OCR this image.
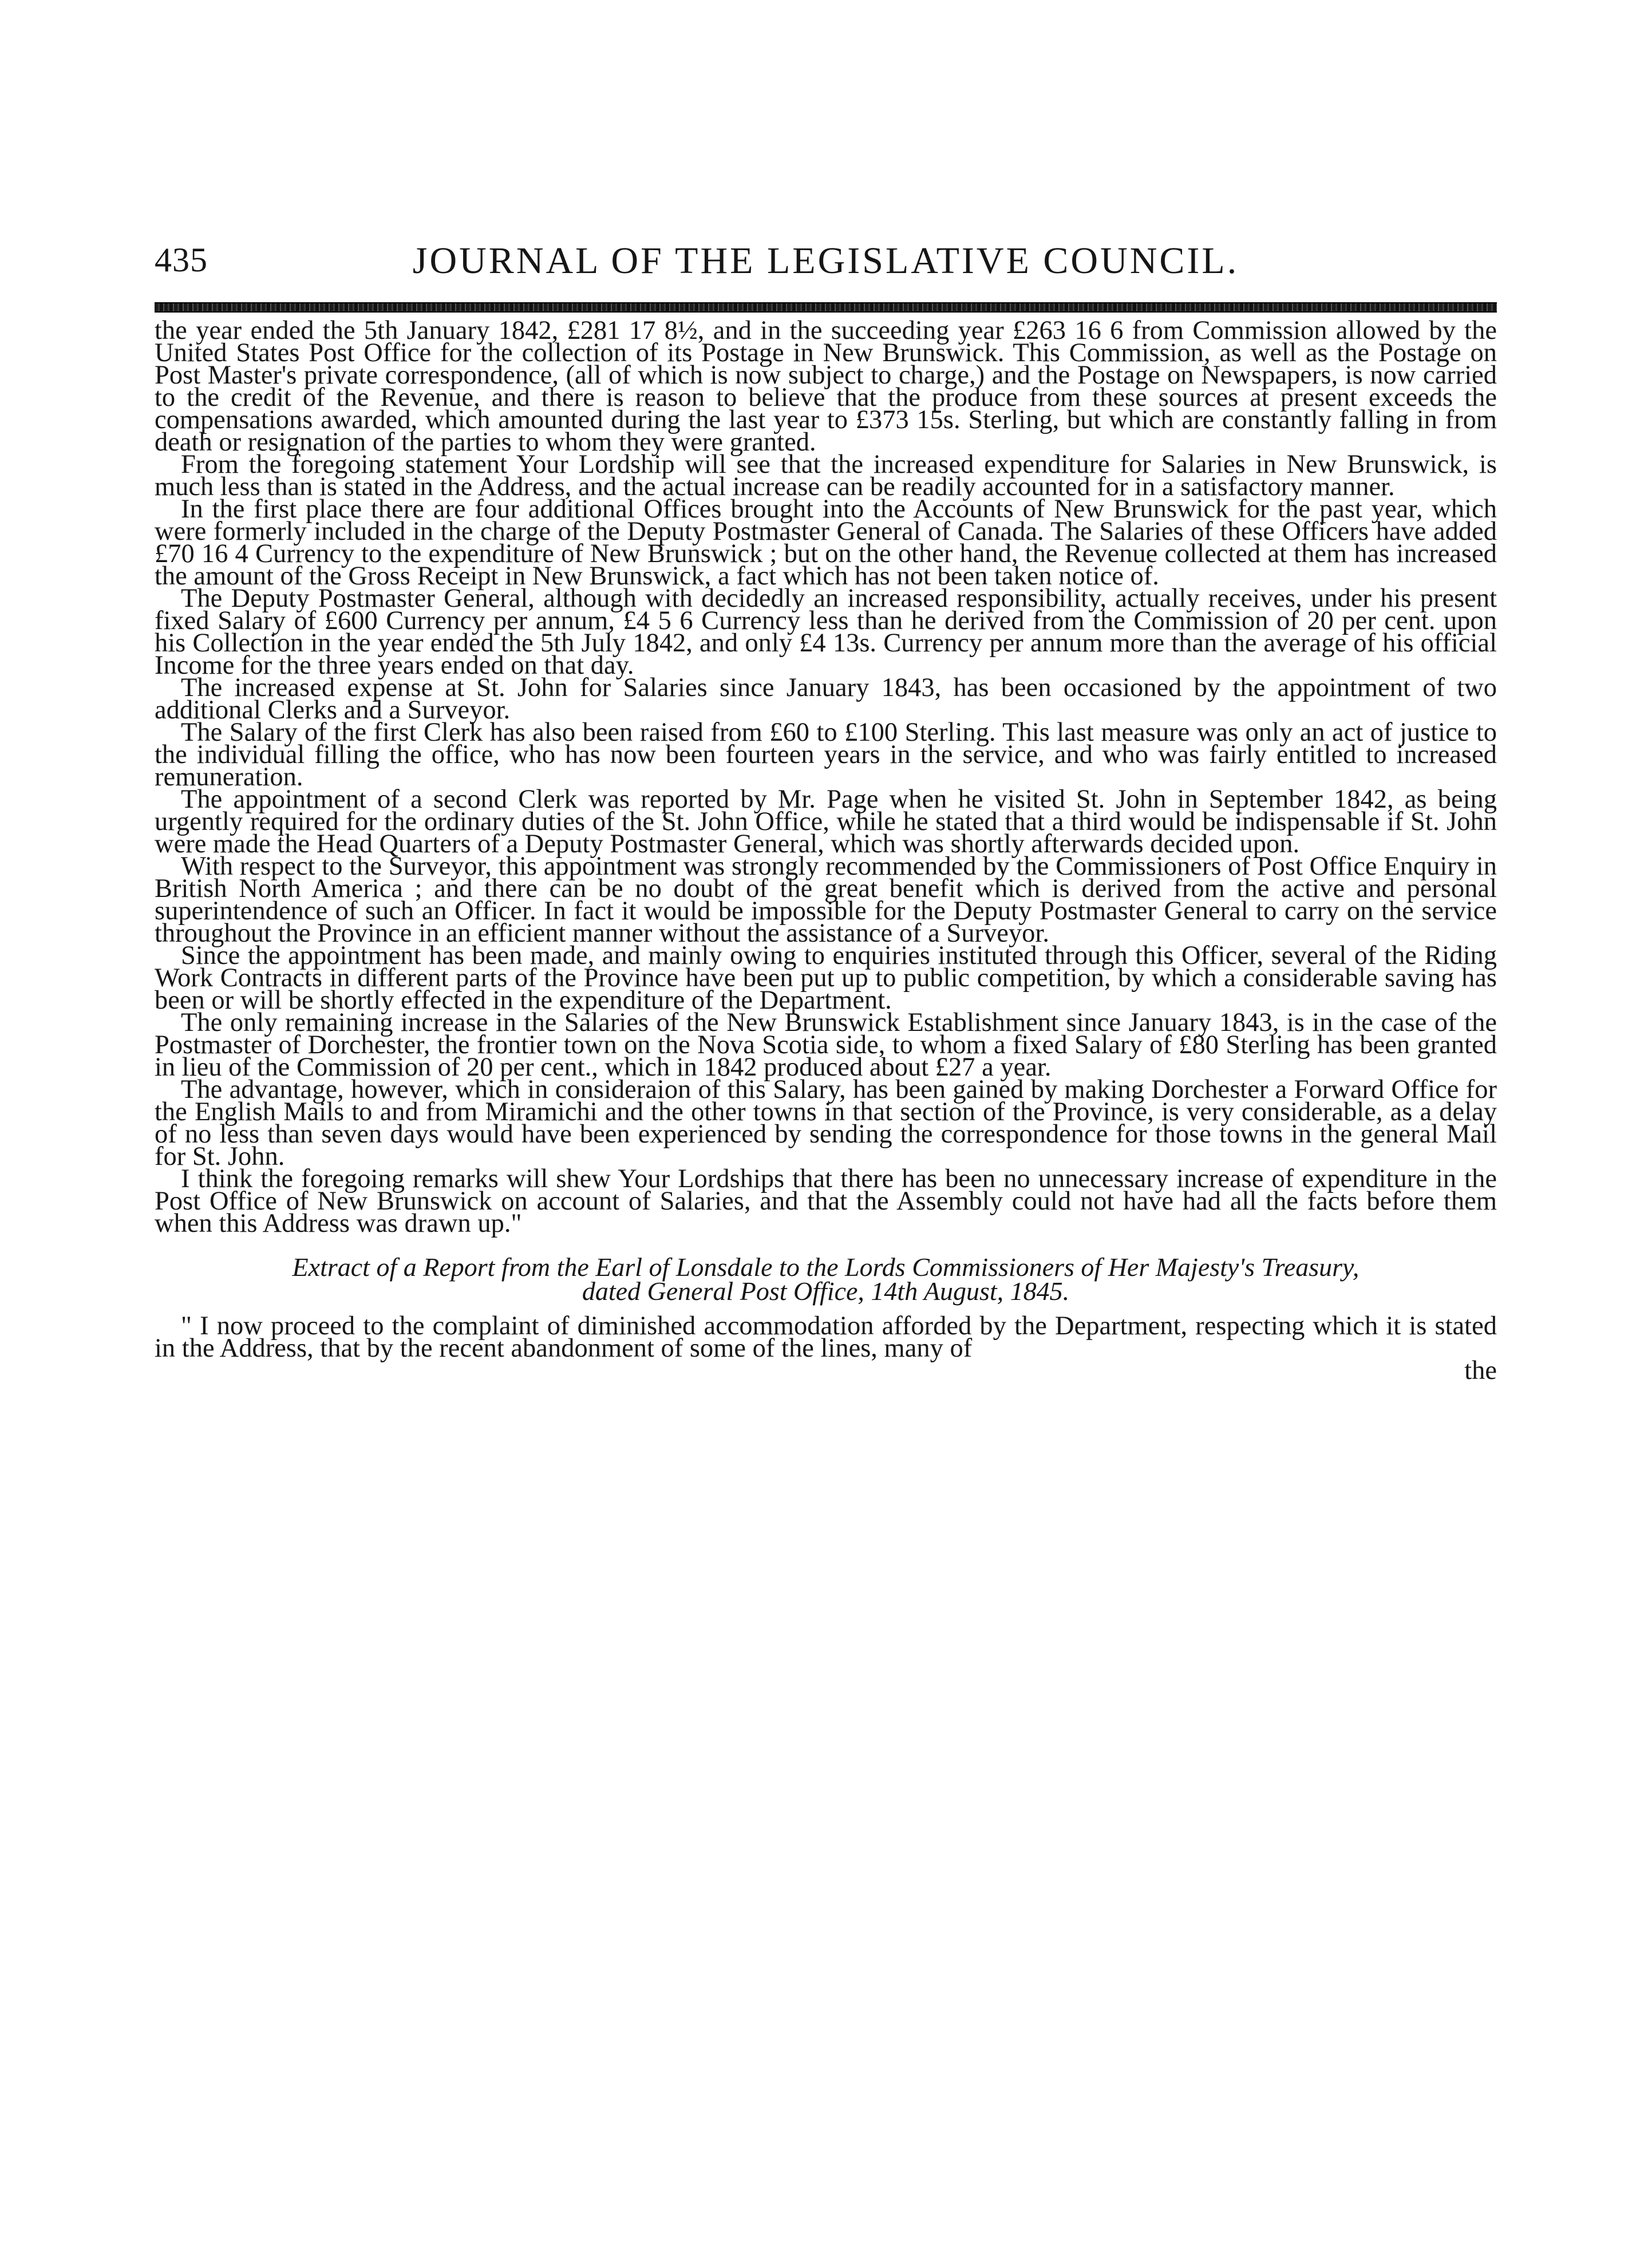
435	JOURNAL OF THE LEGISLATIVE COUNCIL.

the year ended the 5th January 1842, £281 17 8½, and in the succeeding year £263 16 6 from Commission allowed by the United States Post Office for the collection of its Postage in New Brunswick. This Commission, as well as the Postage on Post Master's private correspondence, (all of which is now subject to charge,) and the Postage on Newspapers, is now carried to the credit of the Revenue, and there is reason to believe that the produce from these sources at present exceeds the compensations awarded, which amounted during the last year to £373 15s. Sterling, but which are constantly falling in from death or resignation of the parties to whom they were granted.

From the foregoing statement Your Lordship will see that the increased expenditure for Salaries in New Brunswick, is much less than is stated in the Address, and the actual increase can be readily accounted for in a satisfactory manner.

In the first place there are four additional Offices brought into the Accounts of New Brunswick for the past year, which were formerly included in the charge of the Deputy Postmaster General of Canada. The Salaries of these Officers have added £70 16 4 Currency to the expenditure of New Brunswick ; but on the other hand, the Revenue collected at them has increased the amount of the Gross Receipt in New Brunswick, a fact which has not been taken notice of.

The Deputy Postmaster General, although with decidedly an increased responsibility, actually receives, under his present fixed Salary of £600 Currency per annum, £4 5 6 Currency less than he derived from the Commission of 20 per cent. upon his Collection in the year ended the 5th July 1842, and only £4 13s. Currency per annum more than the average of his official Income for the three years ended on that day.

The increased expense at St. John for Salaries since January 1843, has been occasioned by the appointment of two additional Clerks and a Surveyor.

The Salary of the first Clerk has also been raised from £60 to £100 Sterling. This last measure was only an act of justice to the individual filling the office, who has now been fourteen years in the service, and who was fairly entitled to increased remuneration.

The appointment of a second Clerk was reported by Mr. Page when he visited St. John in September 1842, as being urgently required for the ordinary duties of the St. John Office, while he stated that a third would be indispensable if St. John were made the Head Quarters of a Deputy Postmaster General, which was shortly afterwards decided upon.

With respect to the Surveyor, this appointment was strongly recommended by the Commissioners of Post Office Enquiry in British North America ; and there can be no doubt of the great benefit which is derived from the active and personal superintendence of such an Officer. In fact it would be impossible for the Deputy Postmaster General to carry on the service throughout the Province in an efficient manner without the assistance of a Surveyor.

Since the appointment has been made, and mainly owing to enquiries instituted through this Officer, several of the Riding Work Contracts in different parts of the Province have been put up to public competition, by which a considerable saving has been or will be shortly effected in the expenditure of the Department.

The only remaining increase in the Salaries of the New Brunswick Establishment since January 1843, is in the case of the Postmaster of Dorchester, the frontier town on the Nova Scotia side, to whom a fixed Salary of £80 Sterling has been granted in lieu of the Commission of 20 per cent., which in 1842 produced about £27 a year.

The advantage, however, which in consideraion of this Salary, has been gained by making Dorchester a Forward Office for the English Mails to and from Miramichi and the other towns in that section of the Province, is very considerable, as a delay of no less than seven days would have been experienced by sending the correspondence for those towns in the general Mail for St. John.

I think the foregoing remarks will shew Your Lordships that there has been no unnecessary increase of expenditure in the Post Office of New Brunswick on account of Salaries, and that the Assembly could not have had all the facts before them when this Address was drawn up."

Extract of a Report from the Earl of Lonsdale to the Lords Commissioners of Her Majesty's Treasury,
dated General Post Office, 14th August, 1845.

" I now proceed to the complaint of diminished accommodation afforded by the Department, respecting which it is stated in the Address, that by the recent abandonment of some of the lines, many of

the
